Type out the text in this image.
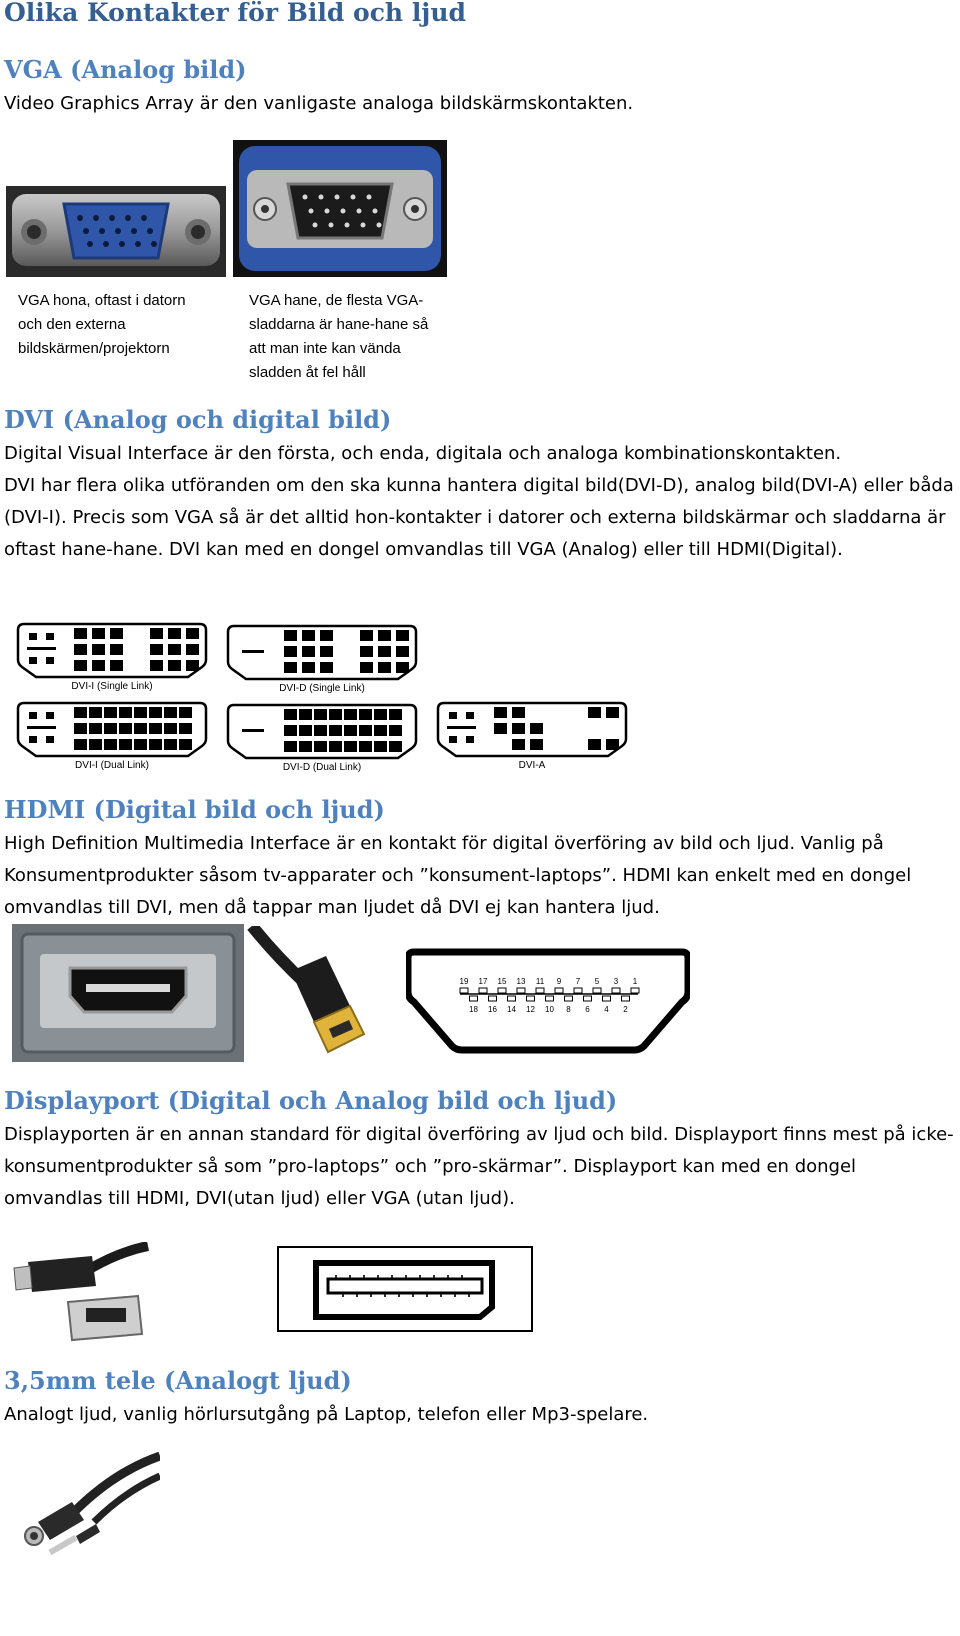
Olika Kontakter för Bild och ljud
VGA (Analog bild)

Video Graphics Array är den vanligaste analoga bildskärmskontakten.

VGA hona, oftast i datorn och den externa bildskärmen/projektorn
VGA hane, de flesta VGA-sladdarna är hane-hane så att man inte kan vända sladden åt fel håll
DVI (Analog och digital bild)

Digital Visual Interface är den första, och enda, digitala och analoga kombinationskontakten.

DVI har flera olika utföranden om den ska kunna hantera digital bild(DVI-D), analog bild(DVI-A) eller båda (DVI-I). Precis som VGA så är det alltid hon-kontakter i datorer och externa bildskärmar och sladdarna är oftast hane-hane. DVI kan med en dongel omvandlas till VGA (Analog) eller till HDMI(Digital).

DVI-I (Single Link)	DVI-D (Single Link)
DVI-I (Dual Link)	DVI-D (Dual Link)	DVI-A
HDMI (Digital bild och ljud)

High Definition Multimedia Interface är en kontakt för digital överföring av bild och ljud. Vanlig på Konsumentprodukter såsom tv-apparater och ”konsument-laptops”. HDMI kan enkelt med en dongel omvandlas till DVI, men då tappar man ljudet då DVI ej kan hantera ljud.

19 17 15 13 11 9 7 5 3 1
18 16 14 12 10 8 6 4 2
Displayport (Digital och Analog bild och ljud)

Displayporten är en annan standard för digital överföring av ljud och bild. Displayport finns mest på icke-konsumentprodukter så som ”pro-laptops” och ”pro-skärmar”. Displayport kan med en dongel omvandlas till HDMI, DVI(utan ljud) eller VGA (utan ljud).

3,5mm tele (Analogt ljud)

Analogt ljud, vanlig hörlursutgång på Laptop, telefon eller Mp3-spelare.
